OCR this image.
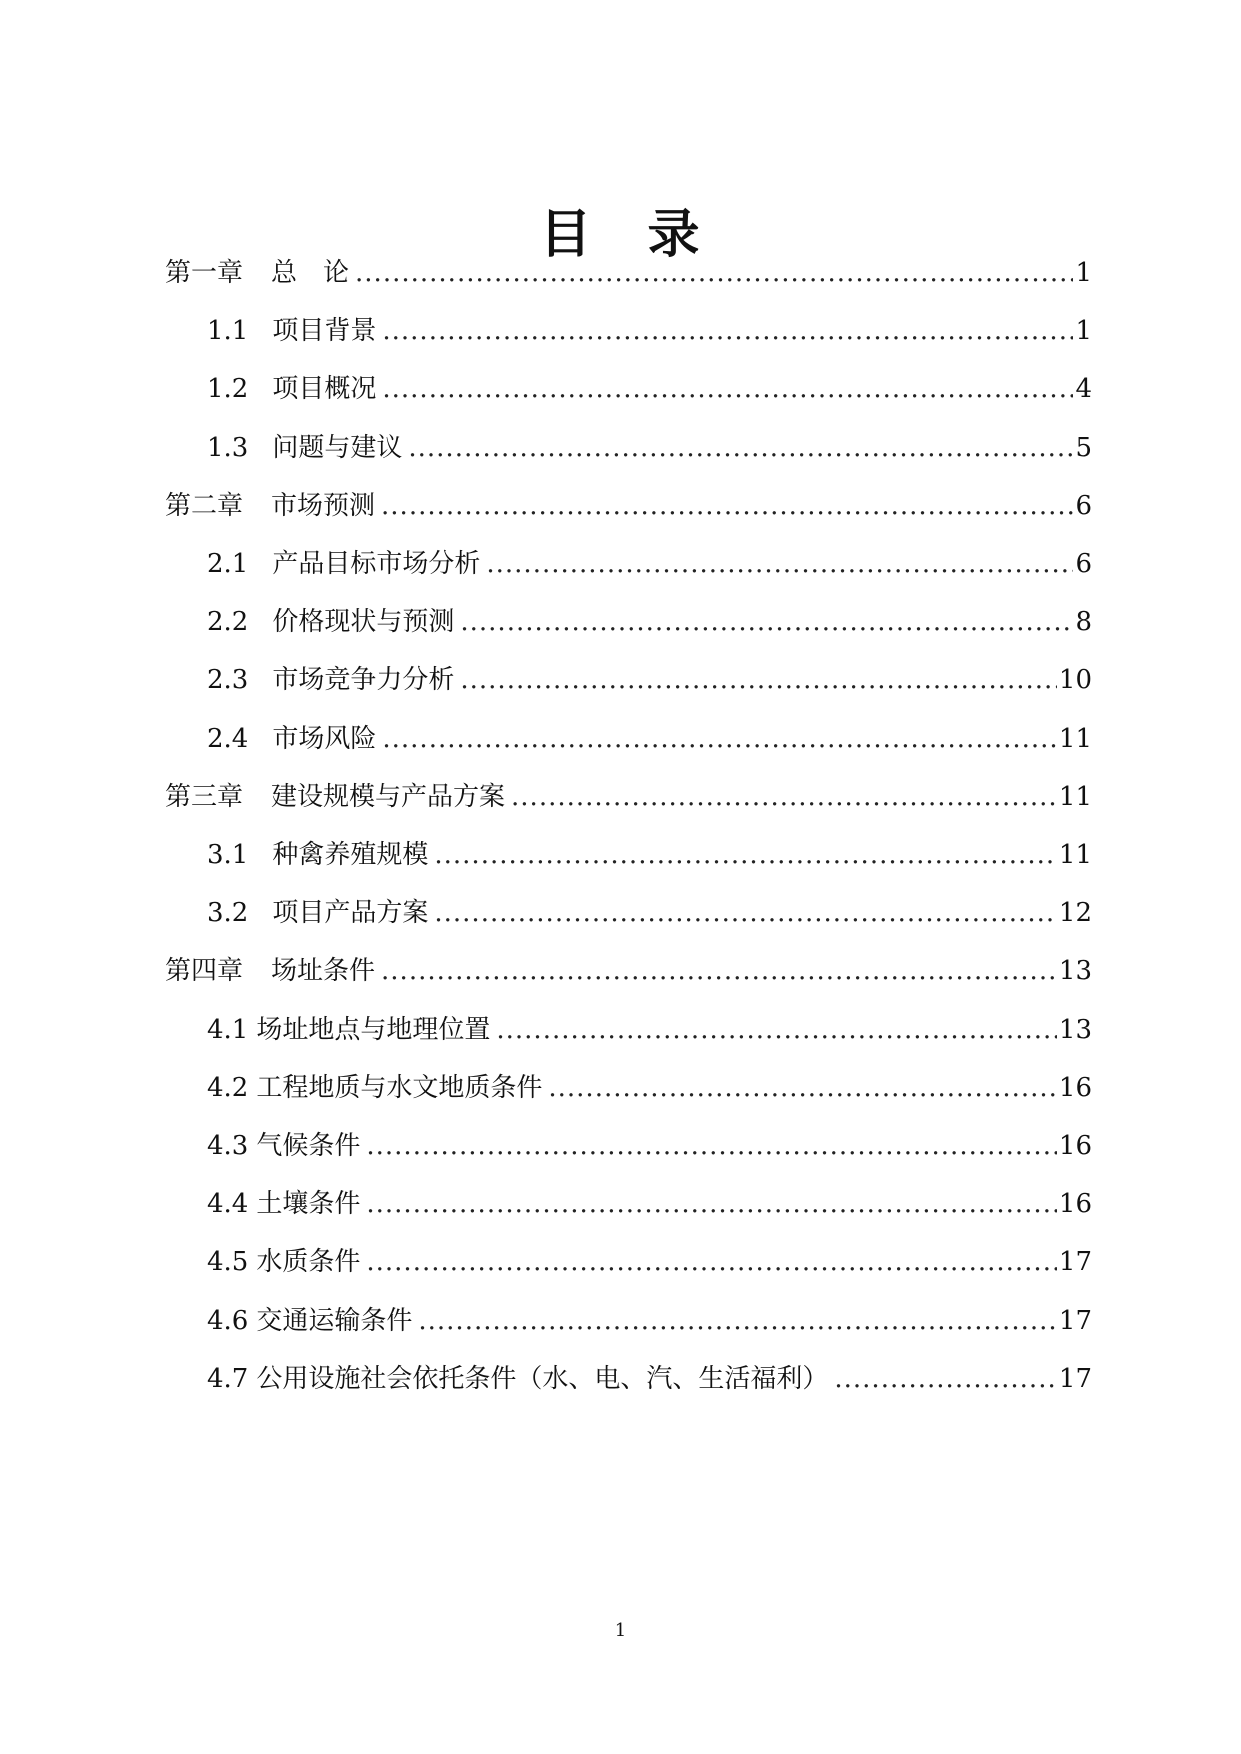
目　录
第一章 总　论 .....	1
1.1 项目背景 .....	1
1.2 项目概况 .....	4
1.3 问题与建议 .....	5
第二章 市场预测 .....	6
2.1 产品目标市场分析 .....	6
2.2 价格现状与预测 .....	8
2.3 市场竞争力分析 .....	10
2.4 市场风险 .....	11
第三章 建设规模与产品方案 .....	11
3.1 种禽养殖规模 .....	11
3.2 项目产品方案 .....	12
第四章 场址条件 .....	13
4.1 场址地点与地理位置 .....	13
4.2 工程地质与水文地质条件 .....	16
4.3 气候条件 .....	16
4.4 土壤条件 .....	16
4.5 水质条件 .....	17
4.6 交通运输条件 .....	17
4.7 公用设施社会依托条件（水、电、汽、生活福利） .....	17
1
